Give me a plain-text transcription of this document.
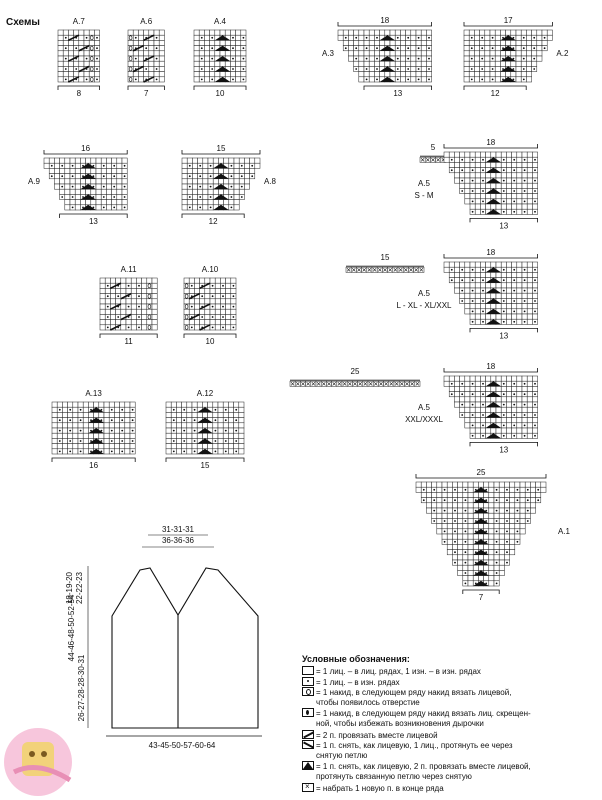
Схемы	A.7
8
A.6
7
A.4
10
18
13
A.3
17
12
A.2
16
13
A.9
15
12
A.8
A.11
11
A.10
10
A.13
16
A.12
15
25
7
A.1
5
18
13
A.5
S - M
15
18
13
A.5
L - XL - XL/XXL
25
18
13
A.5
XXL/XXXL
31-31-31
36-36-36
43-45-50-57-60-64
44-46-48-50-52-54
26-27-28-28-30-31
18-19-20 22-22-23
Условные обозначения:
= 1 лиц. – в лиц. рядах, 1 изн. – в изн. рядах
= 1 лиц. – в изн. рядах
= 1 накид, в следующем ряду накид вязать лицевой,
чтобы появилось отверстие
= 1 накид, в следующем ряду накид вязать лиц. скрещен-
ной, чтобы избежать возникновения дырочки
= 2 п. провязать вместе лицевой
= 1 п. снять, как лицевую, 1 лиц., протянуть ее через
снятую петлю
= 1 п. снять, как лицевую, 2 п. провязать вместе лицевой,
протянуть связанную петлю через снятую
× = набрать 1 новую п. в конце ряда
